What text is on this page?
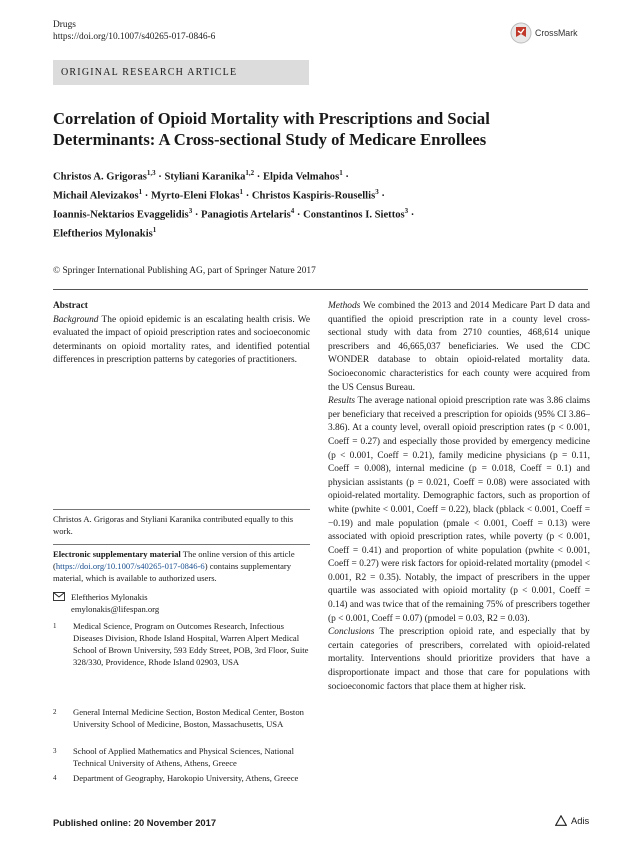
Drugs
https://doi.org/10.1007/s40265-017-0846-6	CrossMark
ORIGINAL RESEARCH ARTICLE
Correlation of Opioid Mortality with Prescriptions and Social Determinants: A Cross-sectional Study of Medicare Enrollees
Christos A. Grigoras$^{1,3}$ · Styliani Karanika$^{1,2}$ · Elpida Velmahos$^1$ ·
Michail Alevizakos$^1$ · Myrto-Eleni Flokas$^1$ · Christos Kaspiris-Rousellis$^3$ ·
Ioannis-Nektarios Evaggelidis$^3$ · Panagiotis Artelaris$^4$ · Constantinos I. Siettos$^3$ ·
Eleftherios Mylonakis$^1$
© Springer International Publishing AG, part of Springer Nature 2017
Abstract
Background The opioid epidemic is an escalating health crisis. We evaluated the impact of opioid prescription rates and socioeconomic determinants on opioid mortality rates, and identified potential differences in prescription patterns by categories of practitioners.
Christos A. Grigoras and Styliani Karanika contributed equally to this work.
Electronic supplementary material The online version of this article (https://doi.org/10.1007/s40265-017-0846-6) contains supplementary material, which is available to authorized users.
Eleftherios Mylonakis
emylonakis@lifespan.org
1	Medical Science, Program on Outcomes Research, Infectious Diseases Division, Rhode Island Hospital, Warren Alpert Medical School of Brown University, 593 Eddy Street, POB, 3rd Floor, Suite 328/330, Providence, Rhode Island 02903, USA
2	General Internal Medicine Section, Boston Medical Center, Boston University School of Medicine, Boston, Massachusetts, USA
3	School of Applied Mathematics and Physical Sciences, National Technical University of Athens, Athens, Greece
4	Department of Geography, Harokopio University, Athens, Greece
Methods We combined the 2013 and 2014 Medicare Part D data and quantified the opioid prescription rate in a county level cross-sectional study with data from 2710 counties, 468,614 unique prescribers and 46,665,037 beneficiaries. We used the CDC WONDER database to obtain opioid-related mortality data. Socioeconomic characteristics for each county were acquired from the US Census Bureau.
Results The average national opioid prescription rate was 3.86 claims per beneficiary that received a prescription for opioids (95% CI 3.86–3.86). At a county level, overall opioid prescription rates (p < 0.001, Coeff = 0.27) and especially those provided by emergency medicine (p < 0.001, Coeff = 0.21), family medicine physicians (p = 0.11, Coeff = 0.008), internal medicine (p = 0.018, Coeff = 0.1) and physician assistants (p = 0.021, Coeff = 0.08) were associated with opioid-related mortality. Demographic factors, such as proportion of white (pwhite < 0.001, Coeff = 0.22), black (pblack < 0.001, Coeff = −0.19) and male population (pmale < 0.001, Coeff = 0.13) were associated with opioid prescription rates, while poverty (p < 0.001, Coeff = 0.41) and proportion of white population (pwhite < 0.001, Coeff = 0.27) were risk factors for opioid-related mortality (pmodel < 0.001, R2 = 0.35). Notably, the impact of prescribers in the upper quartile was associated with opioid mortality (p < 0.001, Coeff = 0.14) and was twice that of the remaining 75% of prescribers together (p < 0.001, Coeff = 0.07) (pmodel = 0.03, R2 = 0.03).
Conclusions The prescription opioid rate, and especially that by certain categories of prescribers, correlated with opioid-related mortality. Interventions should prioritize providers that have a disproportionate impact and those that care for populations with socioeconomic factors that place them at higher risk.
Published online: 20 November 2017	Adis
